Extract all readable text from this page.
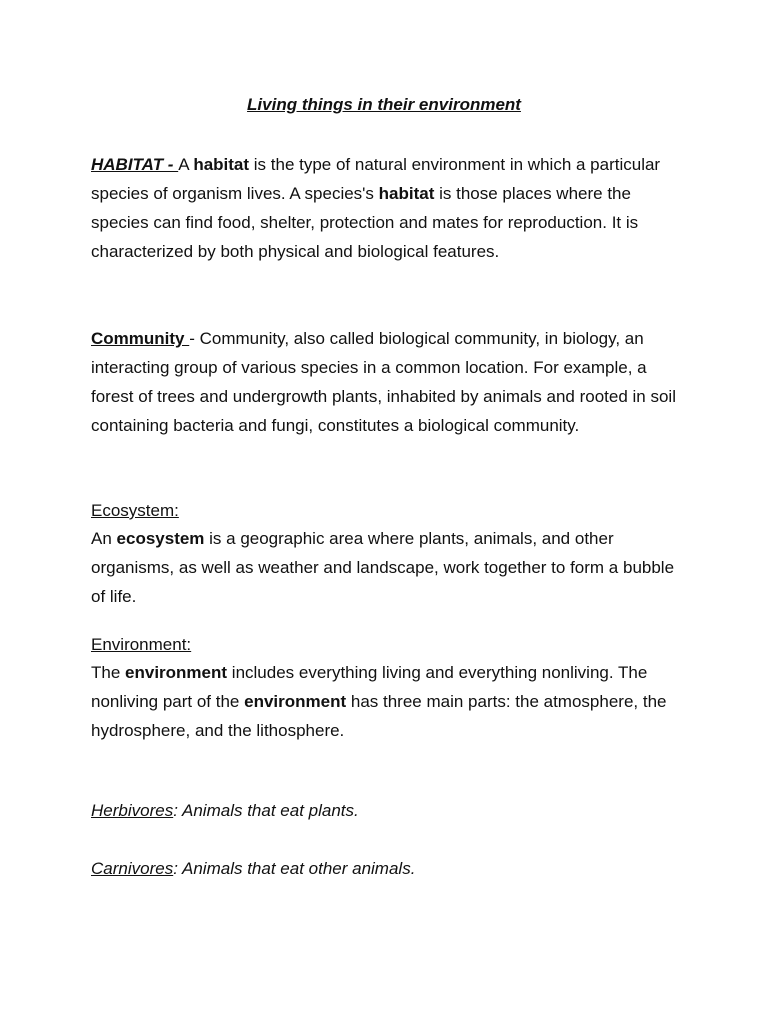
Living things in their environment
HABITAT - A habitat is the type of natural environment in which a particular species of organism lives. A species's habitat is those places where the species can find food, shelter, protection and mates for reproduction. It is characterized by both physical and biological features.
Community - Community, also called biological community, in biology, an interacting group of various species in a common location. For example, a forest of trees and undergrowth plants, inhabited by animals and rooted in soil containing bacteria and fungi, constitutes a biological community.
Ecosystem:
An ecosystem is a geographic area where plants, animals, and other organisms, as well as weather and landscape, work together to form a bubble of life.
Environment:
The environment includes everything living and everything nonliving. The nonliving part of the environment has three main parts: the atmosphere, the hydrosphere, and the lithosphere.
Herbivores: Animals that eat plants.
Carnivores: Animals that eat other animals.
